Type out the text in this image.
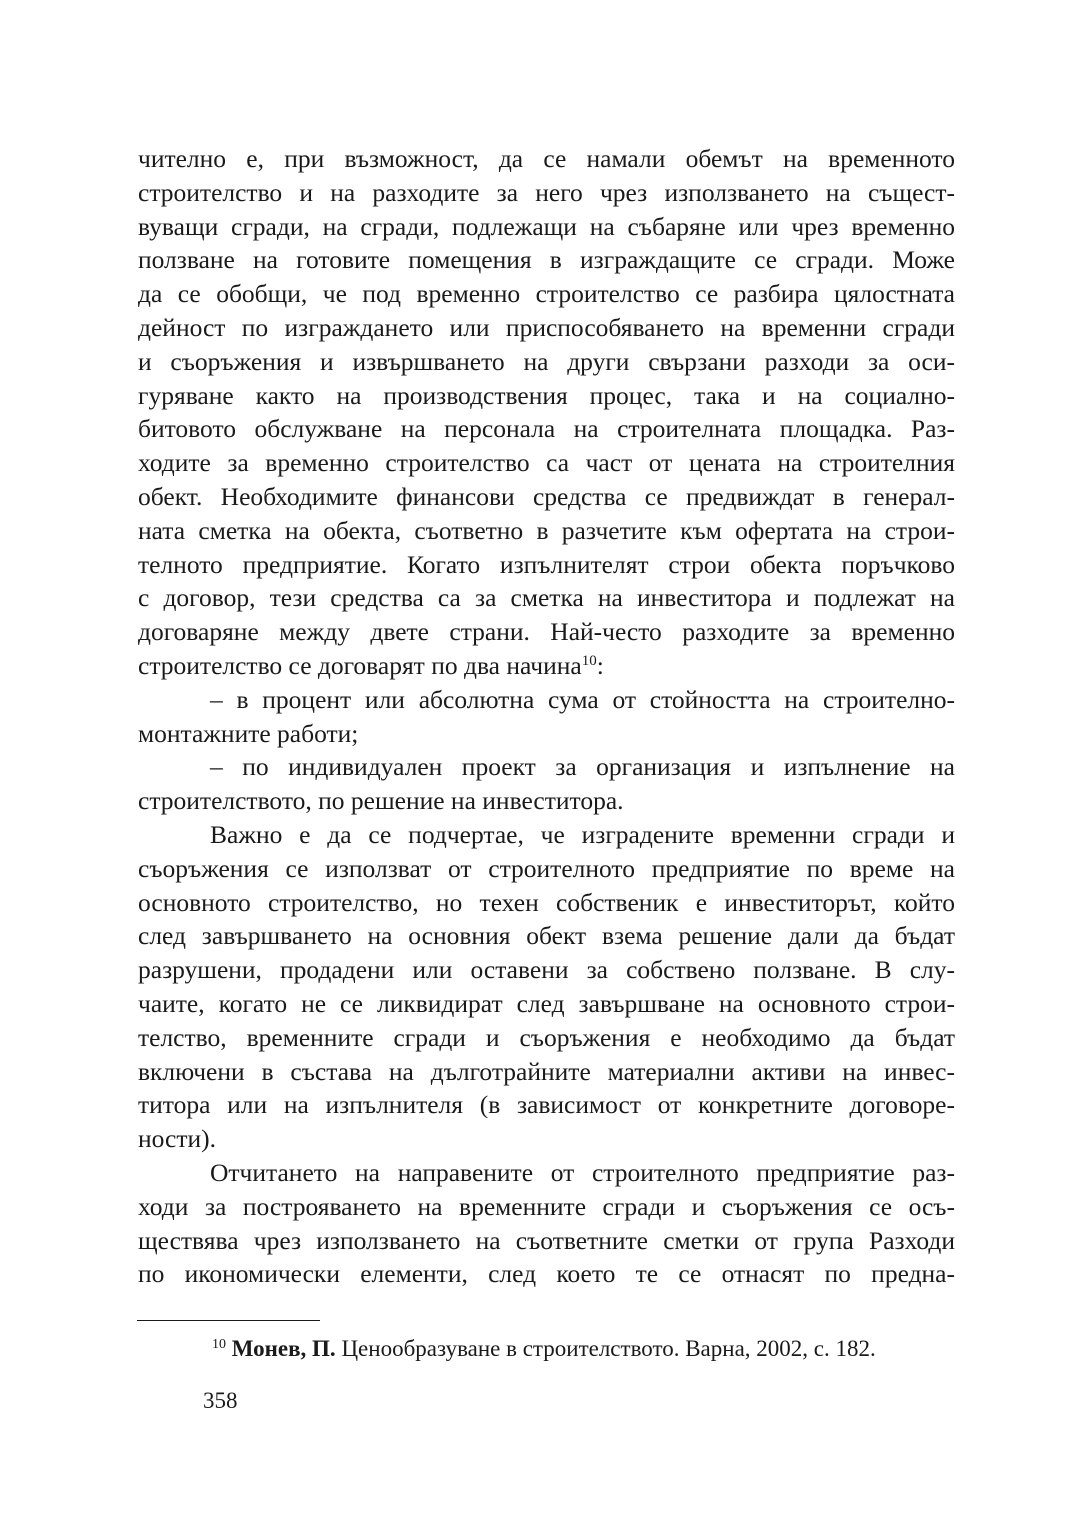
чително е, при възможност, да се намали обемът на временното
строителство и на разходите за него чрез използването на същест-
вуващи сгради, на сгради, подлежащи на събаряне или чрез временно
ползване на готовите помещения в изграждащите се сгради. Може
да се обобщи, че под временно строителство се разбира цялостната
дейност по изграждането или приспособяването на временни сгради
и съоръжения и извършването на други свързани разходи за оси-
гуряване както на производствения процес, така и на социално-
битовото обслужване на персонала на строителната площадка. Раз-
ходите за временно строителство са част от цената на строителния
обект. Необходимите финансови средства се предвиждат в генерал-
ната сметка на обекта, съответно в разчетите към офертата на строи-
телното предприятие. Когато изпълнителят строи обекта поръчково
с договор, тези средства са за сметка на инвеститора и подлежат на
договаряне между двете страни. Най-често разходите за временно
строителство се договарят по два начина$^{10}$:
– в процент или абсолютна сума от стойността на строително-
монтажните работи;
– по индивидуален проект за организация и изпълнение на
строителството, по решение на инвеститора.
Важно е да се подчертае, че изградените временни сгради и
съоръжения се използват от строителното предприятие по време на
основното строителство, но техен собственик е инвеститорът, който
след завършването на основния обект взема решение дали да бъдат
разрушени, продадени или оставени за собствено ползване. В слу-
чаите, когато не се ликвидират след завършване на основното строи-
телство, временните сгради и съоръжения е необходимо да бъдат
включени в състава на дълготрайните материални активи на инвес-
титора или на изпълнителя (в зависимост от конкретните договоре-
ности).
Отчитането на направените от строителното предприятие раз-
ходи за построяването на временните сгради и съоръжения се осъ-
ществява чрез използването на съответните сметки от група Разходи
по икономически елементи, след което те се отнасят по предна-
$^{10}$ Монев, П. Ценообразуване в строителството. Варна, 2002, с. 182.
358
